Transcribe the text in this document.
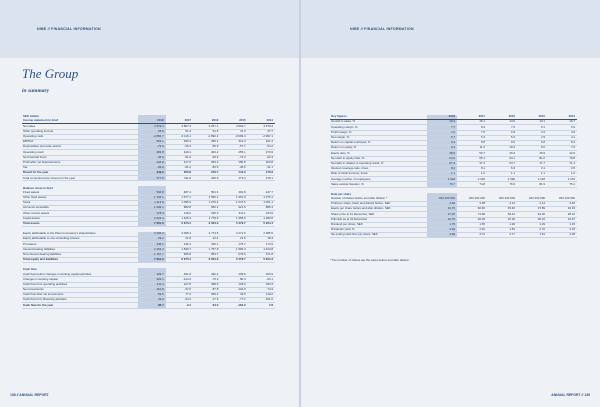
NIBE // FINANCIAL INFORMATION
The Group
in summary
SEK million					
Income statement in brief	2018	2017	2016	2015	2014
Net sales	4 379.4	3 897.3	3 257.1	4 964.7	4 579.4
Other operating income	35.8	51.3	51.6	47.2	37.7
Operating costs	-3 856.7	-3 116.1	-2 832.2	-3 699.4	-2 997.1
EBITDA	563.1	935.4	456.1	312.3	321.4
Depreciation and write-downs	-79.9	-66.3	-56.9	-57.7	-54.2
Operating result	482.8	449.1	403.2	255.1	270.9
Net financial items	-45.9	-51.9	-39.9	-74.3	-62.3
Profit after net financial items	444.8	417.0	363.3	180.8	203.8
Tax	-95.8	-61.2	-83.6	-36.6	-31.1
Result for the year	349.0	355.8	279.7	144.2	176.9
Total comprehensive income for the year	377.6	311.8	349.9	173.4	278.1

Balance sheet in brief					
Fixed assets	546.8	487.4	501.6	491.8	447.7
Other fixed assets	1 706.1	1 677.1	1 556.1	1 451.9	1 375.1
Stock	1 113.9	1 055.4	1 076.4	1 047.6	1 001.1
Accounts receivable	1 096.1	982.8	956.2	921.6	885.4
Other current assets	178.4	145.0	155.3	211.1	234.5
Liquid assets	2 022.4	1 625.4	1 778.9	1 355.6	1 280.6
Total assets	7 561.6	6 973.1	6 024.3	5 479.7	5 224.4

Equity attributable to the Parent company's shareholders	3 436.3	3 095.4	2 774.6	2 471.6	2 385.5
Equity attributable to non-controlling interest	29.2	21.8	22.4	21.5	18.4
Provisions	346.1	346.4	335.1	175.7	174.9
Interest-bearing liabilities	2 163.3	1 839.7	1 757.9	1 996.4	1 914.8
Non-interest-bearing liabilities	1 157.7	995.8	953.7	679.6	671.8
Total equity and liabilities	7 561.6	6 973.1	6 024.3	5 479.7	5 224.4

Cash flow					
Cash flow before changes in working capital activities	429.7	461.8	330.4	209.8	253.9
Changes in working capital	332.1	-144.3	-75.3	80.4	-63.1
Cash flow from operating activities	211.4	227.8	468.9	125.6	183.3
Net investments	-110.8	-97.6	-87.8	-104.9	-74.3
Cash flow after net investments	59.5	77.2	339.2	33.6	119.0
Cash flow from financing activities	29.9	-94.3	-17.5	-77.2	-151.0
Cash flow for the year	95.7	-9.1	64.0	-164.2	7.8
138 // ANNUAL REPORT
NIBE // FINANCIAL INFORMATION
Key figures	2018	2017	2016	2015	2014
Growth in sales, %	10.4	16.1	14.0	13.1	10.7
Operating margin, %	7.7	8.4	7.6	5.1	5.9
Profit margin, %	7.0	7.5	6.9	3.4	4.9
Net margin, %	5.7	6.3	5.3	2.9	4.1
Return on capital employed, %	9.4	9.8	9.6	6.8	8.4
Return on equity, %	9.3	11.3	10.4	6.0	7.9
Equity ratio, %	48.6	50.7	49.3	45.9	42.9
Net debt to equity ratio, %	63.6	65.1	63.1	81.0	78.8
Net debt in relation to operating result, %	87.3	37.4	64.7	71.7	71.1
Interest coverage ratio, times	8.2	8.1	6.9	3.1	3.5
Rate of stock turnover, times	1.1	1.0	1.1	1.1	1.0
Average number of employees	2 433	2 493	2 396	2 218	2 153
Sales outside Sweden, %	73.7	74.8	76.6	81.9	75.1

Data per share					
Number of shares before and after dilution *	463 433 000	463 433 000	463 433 000	463 433 000	463 433 000
Profit per share, basic and diluted before, SEK	3.48	3.38	4.14	2.14	3.46
Equity per share before and after dilution, SEK	91.76	60.60	45.30	37.89	34.33
Share price at 31 December, SEK	47.20	74.68	59.43	64.00	38.33
P/E ratio as at 31 December	16.75	20.09	16.20	30.16	14.07
Dividend per share, SEK	1.75	1.65	1.00	1.29	1.15
Dividends yield, %	3.93	2.40	1.81	2.70	3.18
Op erating cash flow per share, SEK	3.96	3.72	4.77	1.91	4.28
ANNUAL REPORT // 139
* The number of shares are the same before and after dilution.
